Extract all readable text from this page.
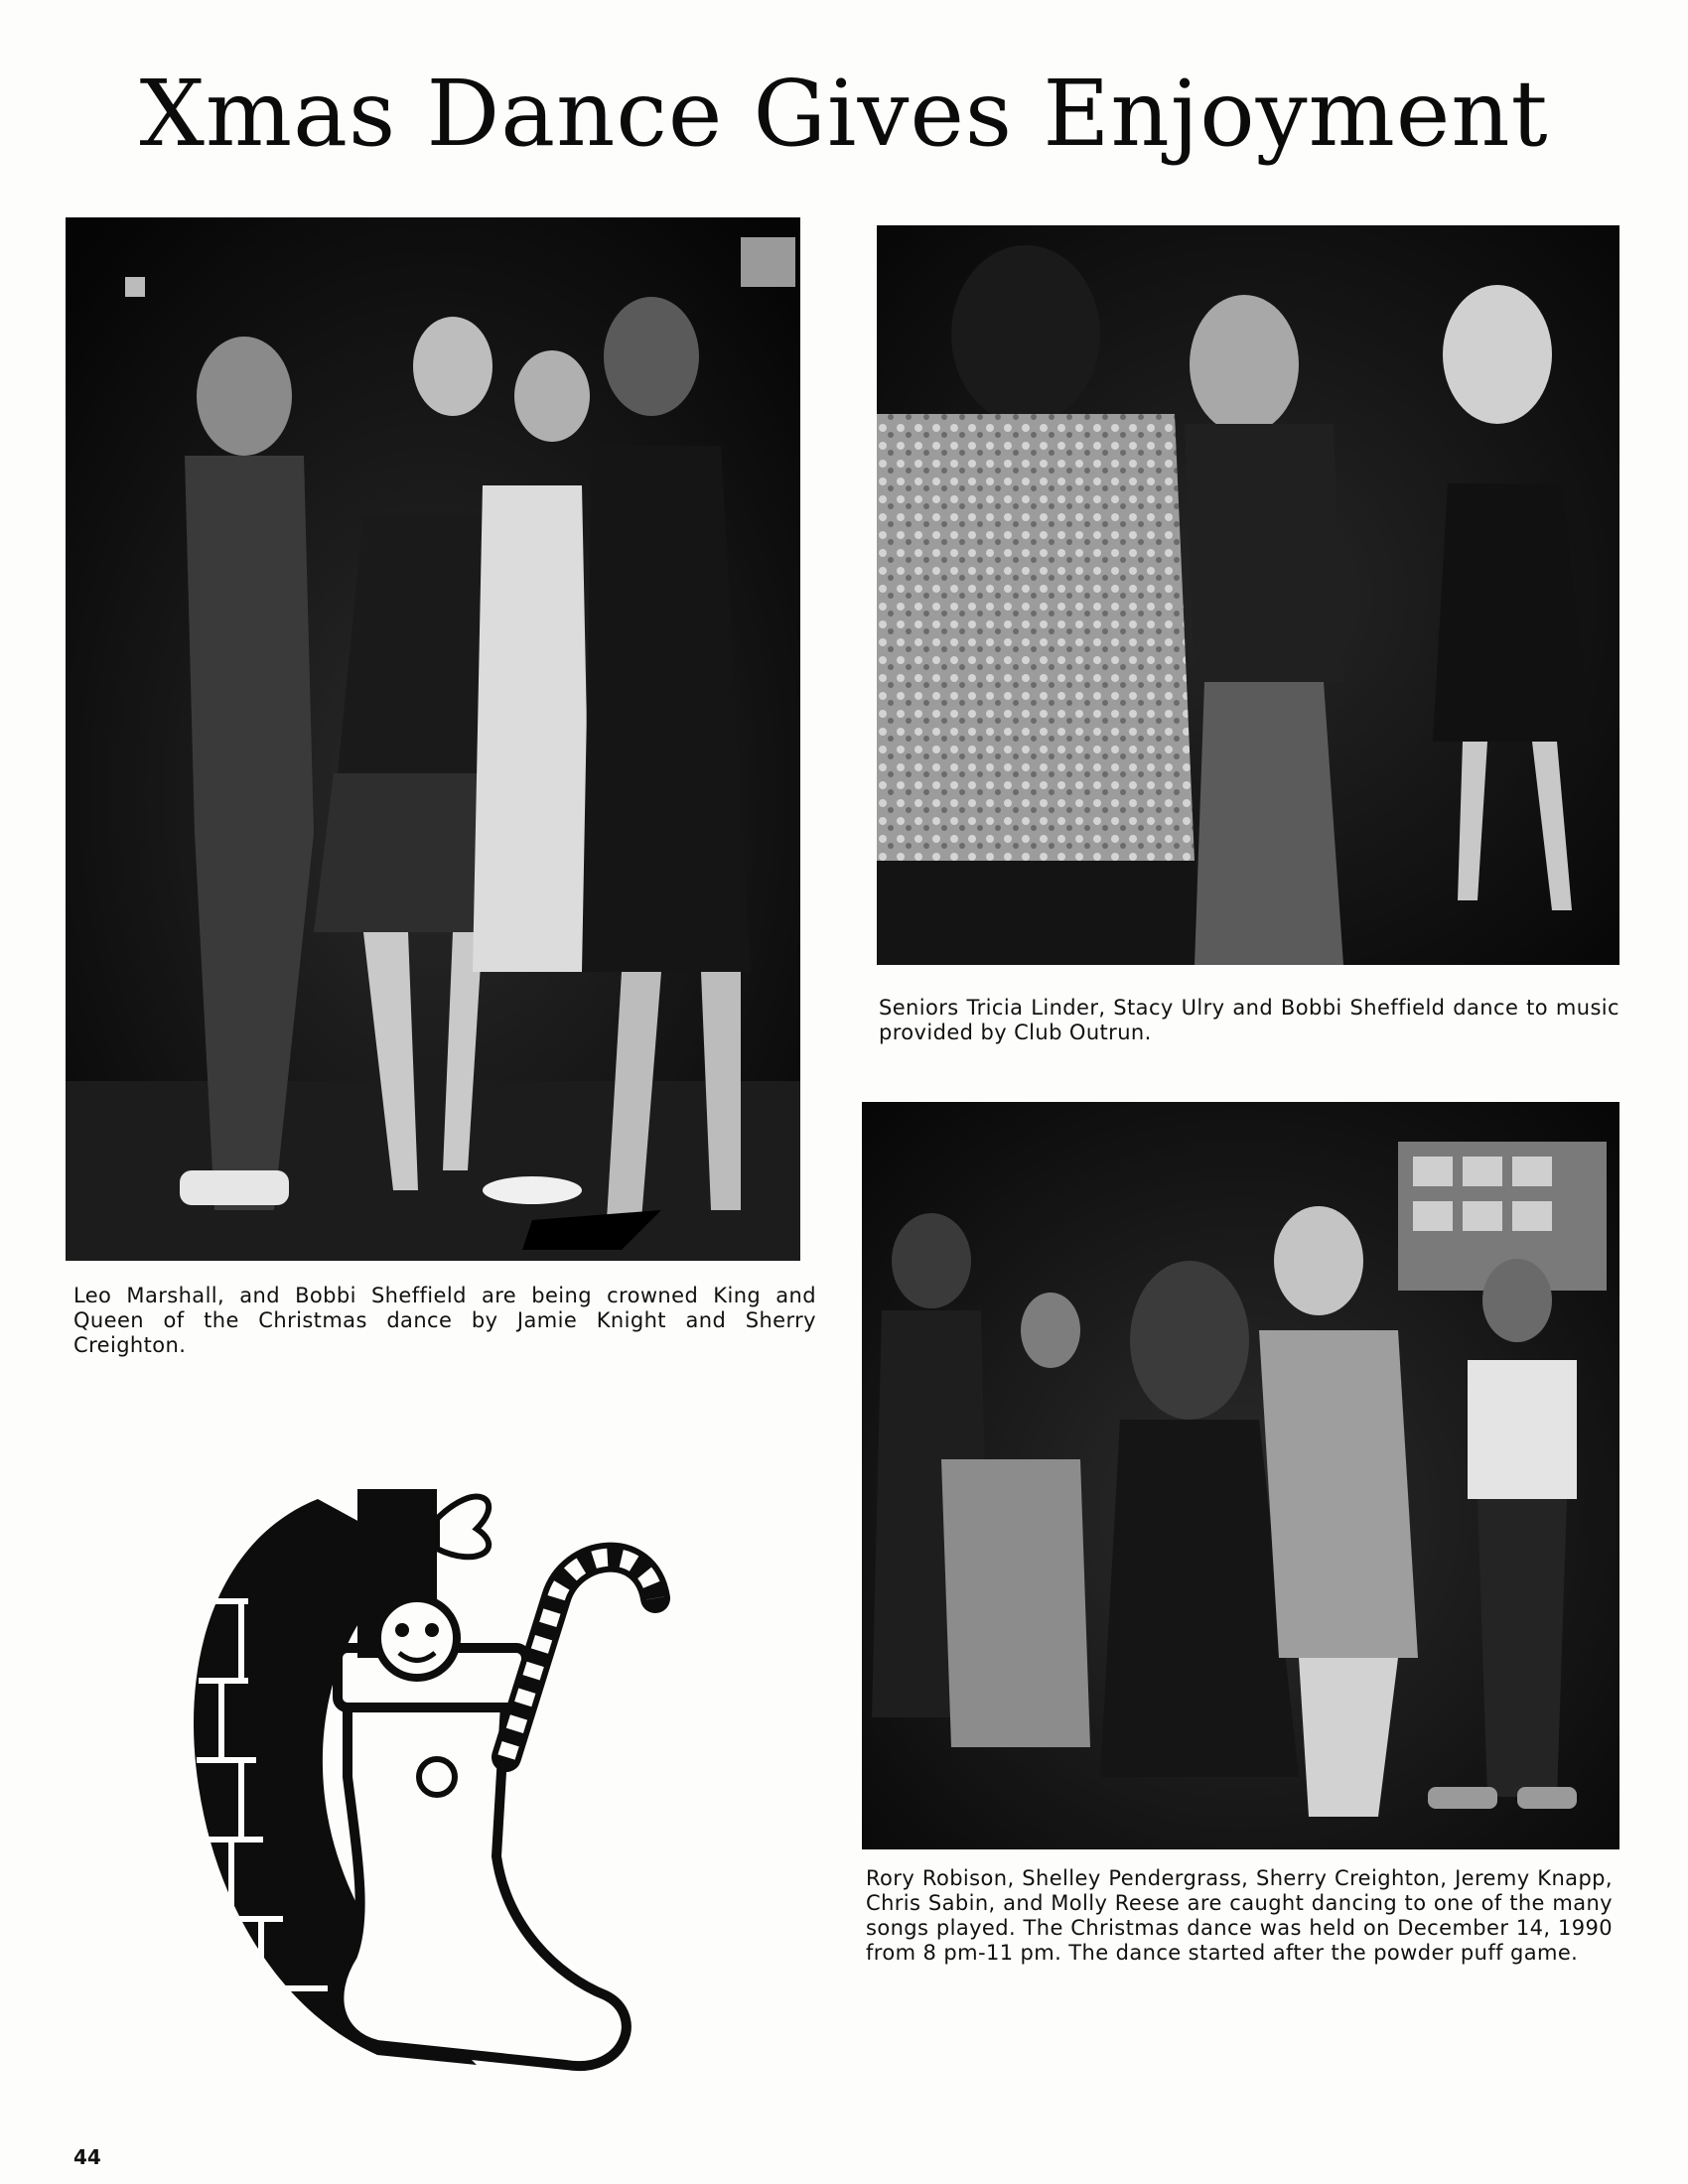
Xmas Dance Gives Enjoyment

Leo Marshall, and Bobbi Sheffield are being crowned King and Queen of the Christmas dance by Jamie Knight and Sherry Creighton.

Seniors Tricia Linder, Stacy Ulry and Bobbi Sheffield dance to music provided by Club Outrun.

Rory Robison, Shelley Pendergrass, Sherry Creighton, Jeremy Knapp, Chris Sabin, and Molly Reese are caught dancing to one of the many songs played. The Christmas dance was held on December 14, 1990 from 8 pm-11 pm. The dance started after the powder puff game.

44
